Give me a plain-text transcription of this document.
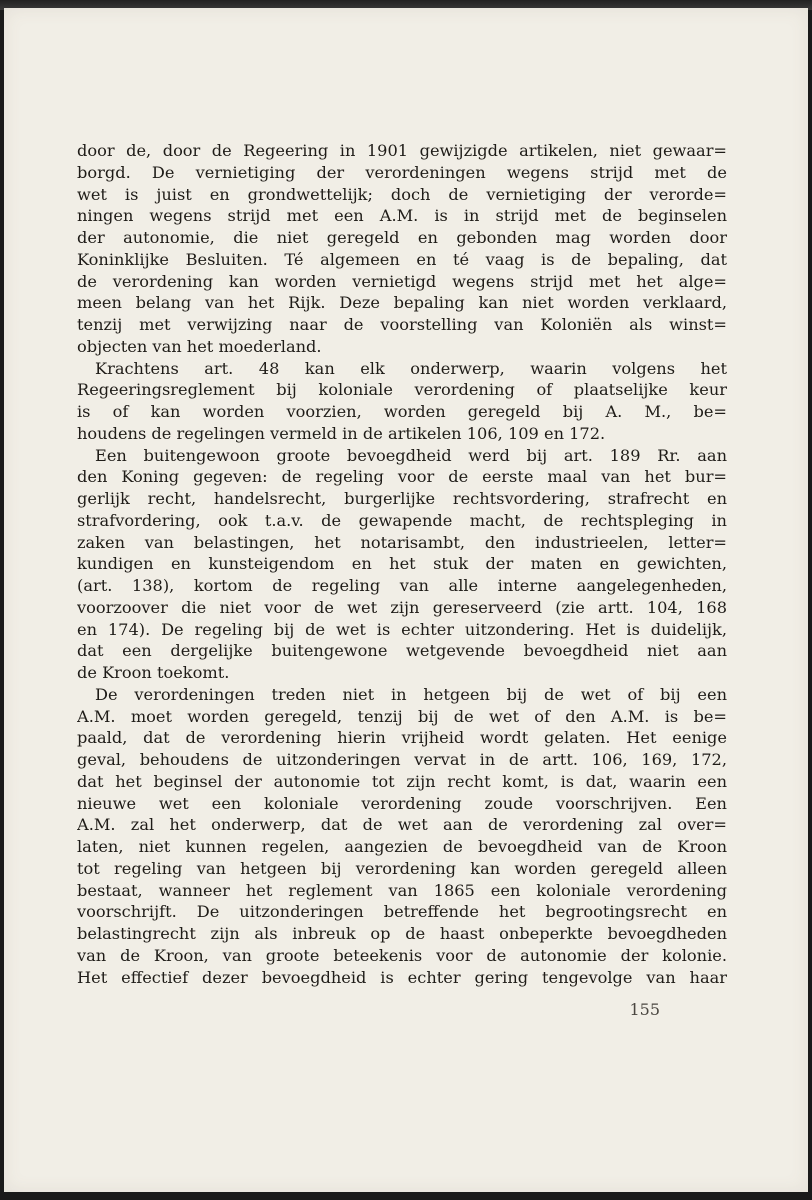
door de, door de Regeering in 1901 gewijzigde artikelen, niet gewaar=
borgd. De vernietiging der verordeningen wegens strijd met de
wet is juist en grondwettelijk; doch de vernietiging der verorde=
ningen wegens strijd met een A.M. is in strijd met de beginselen
der autonomie, die niet geregeld en gebonden mag worden door
Koninklijke Besluiten. Té algemeen en té vaag is de bepaling, dat
de verordening kan worden vernietigd wegens strijd met het alge=
meen belang van het Rijk. Deze bepaling kan niet worden verklaard,
tenzij met verwijzing naar de voorstelling van Koloniën als winst=
objecten van het moederland.
Krachtens art. 48 kan elk onderwerp, waarin volgens het
Regeeringsreglement bij koloniale verordening of plaatselijke keur
is of kan worden voorzien, worden geregeld bij A. M., be=
houdens de regelingen vermeld in de artikelen 106, 109 en 172.
Een buitengewoon groote bevoegdheid werd bij art. 189 Rr. aan
den Koning gegeven: de regeling voor de eerste maal van het bur=
gerlijk recht, handelsrecht, burgerlijke rechtsvordering, strafrecht en
strafvordering, ook t.a.v. de gewapende macht, de rechtspleging in
zaken van belastingen, het notarisambt, den industrieelen, letter=
kundigen en kunsteigendom en het stuk der maten en gewichten,
(art. 138), kortom de regeling van alle interne aangelegenheden,
voorzoover die niet voor de wet zijn gereserveerd (zie artt. 104, 168
en 174). De regeling bij de wet is echter uitzondering. Het is duidelijk,
dat een dergelijke buitengewone wetgevende bevoegdheid niet aan
de Kroon toekomt.
De verordeningen treden niet in hetgeen bij de wet of bij een
A.M. moet worden geregeld, tenzij bij de wet of den A.M. is be=
paald, dat de verordening hierin vrijheid wordt gelaten. Het eenige
geval, behoudens de uitzonderingen vervat in de artt. 106, 169, 172,
dat het beginsel der autonomie tot zijn recht komt, is dat, waarin een
nieuwe wet een koloniale verordening zoude voorschrijven. Een
A.M. zal het onderwerp, dat de wet aan de verordening zal over=
laten, niet kunnen regelen, aangezien de bevoegdheid van de Kroon
tot regeling van hetgeen bij verordening kan worden geregeld alleen
bestaat, wanneer het reglement van 1865 een koloniale verordening
voorschrijft. De uitzonderingen betreffende het begrootingsrecht en
belastingrecht zijn als inbreuk op de haast onbeperkte bevoegdheden
van de Kroon, van groote beteekenis voor de autonomie der kolonie.
Het effectief dezer bevoegdheid is echter gering tengevolge van haar
155
